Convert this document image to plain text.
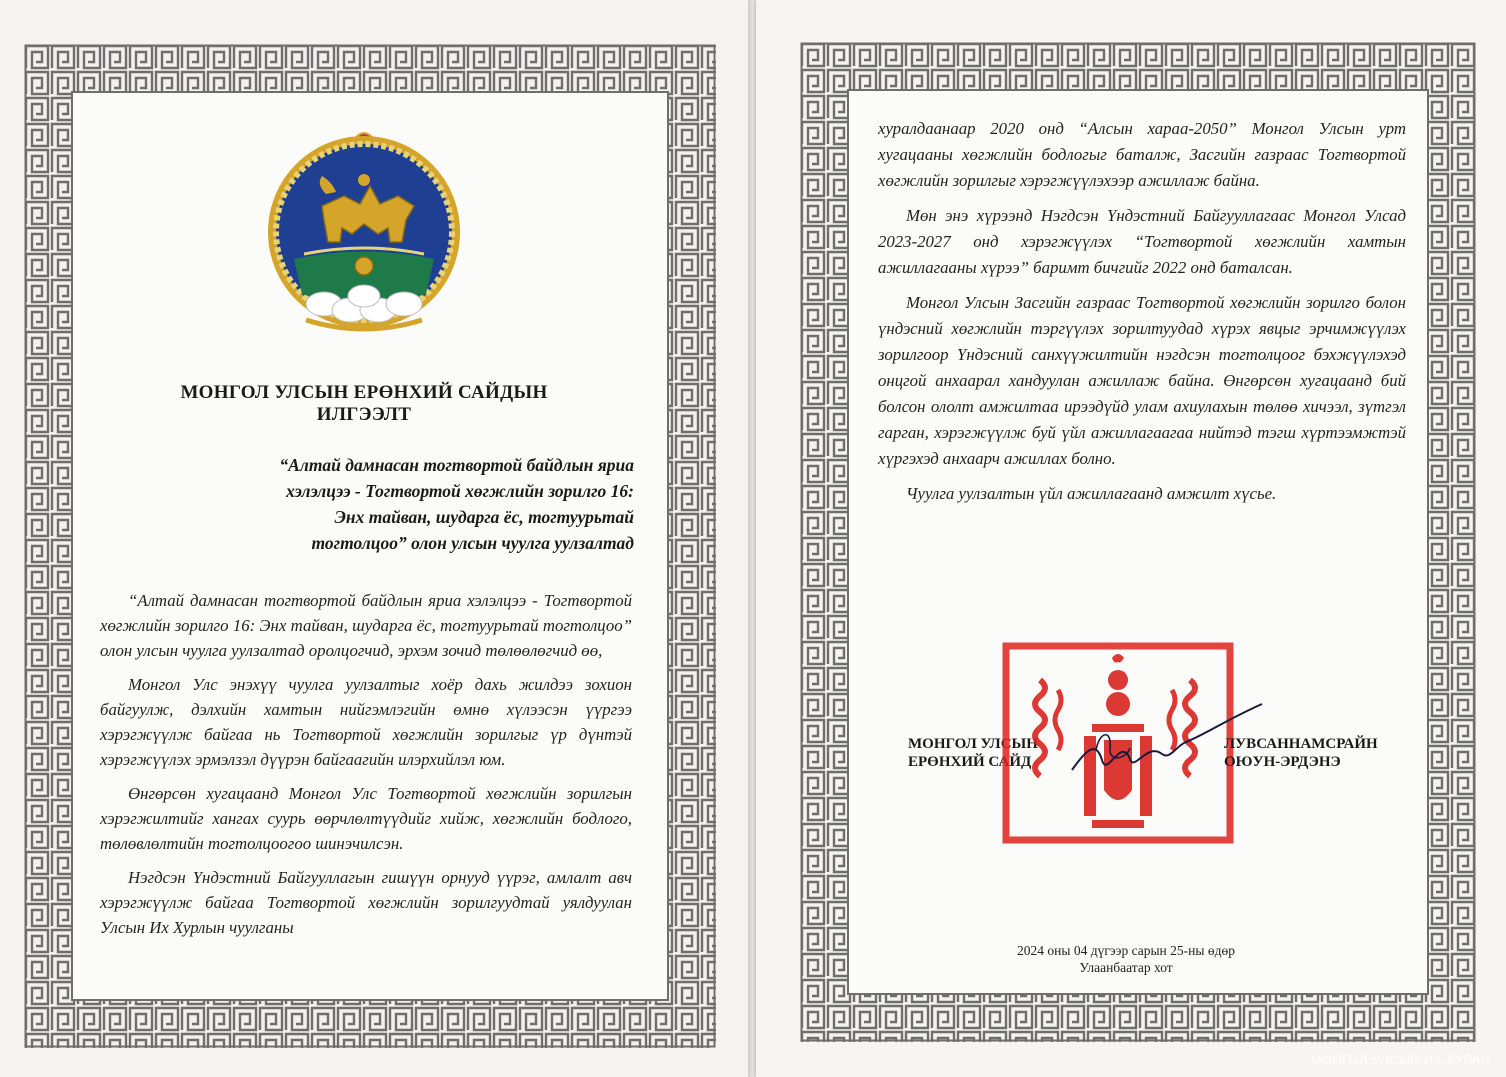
МОНГОЛ УЛСЫН ЕРӨНХИЙ САЙДЫН
ИЛГЭЭЛТ
“Алтай дамнасан тогтвортой байдлын яриа
хэлэлцээ - Тогтвортой хөгжлийн зорилго 16:
Энх тайван, шударга ёс, тогтуурьтай
тогтолцоо” олон улсын чуулга уулзалтад

“Алтай дамнасан тогтвортой байдлын яриа хэлэлцээ - Тогтвортой хөгжлийн зорилго 16: Энх тайван, шударга ёс, тогтуурьтай тогтолцоо” олон улсын чуулга уулзалтад оролцогчид, эрхэм зочид төлөөлөгчид өө,

Монгол Улс энэхүү чуулга уулзалтыг хоёр дахь жилдээ зохион байгуулж, дэлхийн хамтын нийгэмлэгийн өмнө хүлээсэн үүргээ хэрэгжүүлж байгаа нь Тогтвортой хөгжлийн зорилгыг үр дүнтэй хэрэгжүүлэх эрмэлзэл дүүрэн байгаагийн илэрхийлэл юм.

Өнгөрсөн хугацаанд Монгол Улс Тогтвортой хөгжлийн зорилгын хэрэгжилтийг хангах суурь өөрчлөлтүүдийг хийж, хөгжлийн бодлого, төлөвлөлтийн тогтолцоогоо шинэчилсэн.

Нэгдсэн Үндэстний Байгууллагын гишүүн орнууд үүрэг, амлалт авч хэрэгжүүлж байгаа Тогтвортой хөгжлийн зорилгуудтай уялдуулан Улсын Их Хурлын чуулганы

хуралдаанаар 2020 онд “Алсын хараа-2050” Монгол Улсын урт хугацааны хөгжлийн бодлогыг баталж, Засгийн газраас Тогтвортой хөгжлийн зорилгыг хэрэгжүүлэхээр ажиллаж байна.

Мөн энэ хүрээнд Нэгдсэн Үндэстний Байгууллагаас Монгол Улсад 2023-2027 онд хэрэгжүүлэх “Тогтвортой хөгжлийн хамтын ажиллагааны хүрээ” баримт бичгийг 2022 онд баталсан.

Монгол Улсын Засгийн газраас Тогтвортой хөгжлийн зорилго болон үндэсний хөгжлийн тэргүүлэх зорилтуудад хүрэх явцыг эрчимжүүлэх зорилгоор Үндэсний санхүүжилтийн нэгдсэн тогтолцоог бэхжүүлэхэд онцгой анхаарал хандуулан ажиллаж байна. Өнгөрсөн хугацаанд бий болсон ололт амжилтаа ирээдүйд улам ахиулахын төлөө хичээл, зүтгэл гарган, хэрэгжүүлж буй үйл ажиллагаагаа нийтэд тэгш хүртээмжтэй хүргэхэд анхаарч ажиллах болно.

Чуулга уулзалтын үйл ажиллагаанд амжилт хүсье.

МОНГОЛ УЛСЫН
ЕРӨНХИЙ САЙД
ЛУВСАННАМСРАЙН
ОЮУН-ЭРДЭНЭ
2024 оны 04 дүгээр сарын 25-ны өдөр
Улаанбаатар хот
МОНГОЛ УЛСЫН ИХ ХУРАЛ
